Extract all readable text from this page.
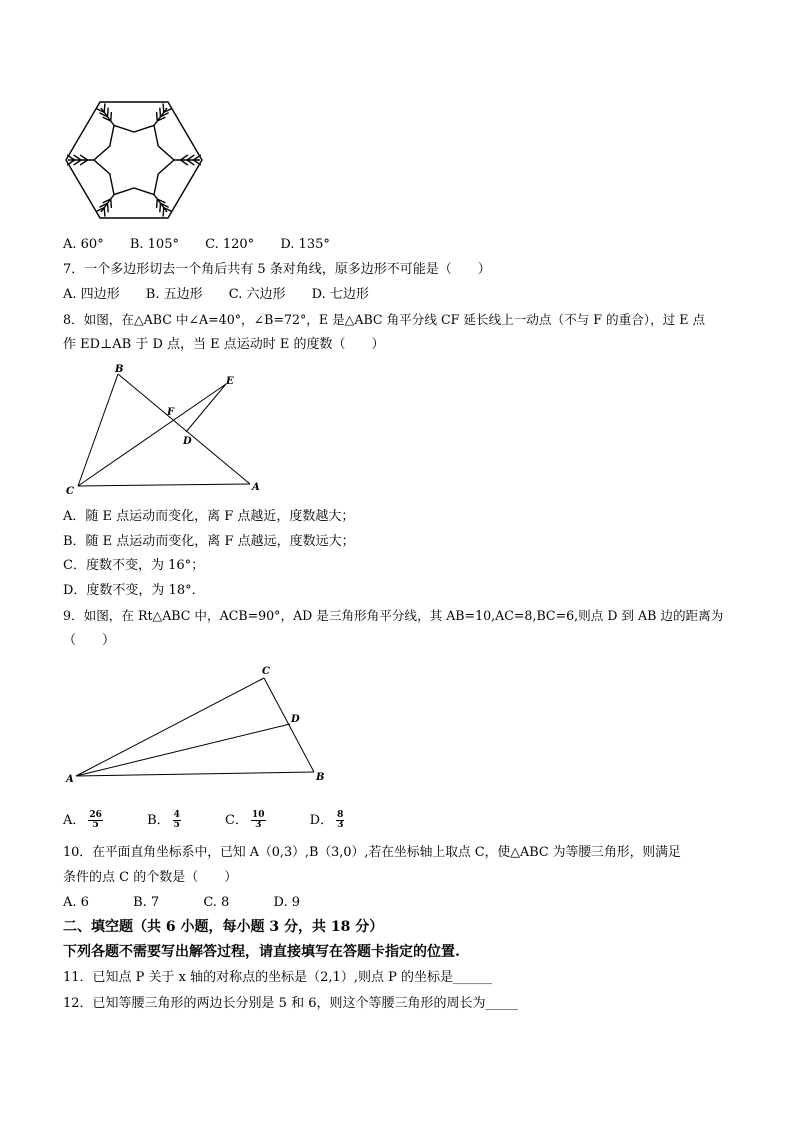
A. 60° B. 105° C. 120° D. 135°
7．一个多边形切去一个角后共有 5 条对角线，原多边形不可能是（　　）
A. 四边形 B. 五边形 C. 六边形 D. 七边形
8．如图，在△ABC 中∠A=40°，∠B=72°，E 是△ABC 角平分线 CF 延长线上一动点（不与 F 的重合），过 E 点
作 ED⊥AB 于 D 点，当 E 点运动时 E 的度数（　　）
B
E
F
D
C	A
A．随 E 点运动而变化，离 F 点越近，度数越大；
B．随 E 点运动而变化，离 F 点越远，度数远大；
C．度数不变，为 16°；
D．度数不变，为 18°．
9．如图，在 Rt△ABC 中，ACB=90°，AD 是三角形角平分线，其 AB=10,AC=8,BC=6,则点 D 到 AB 边的距离为
（　　）
C
D
A	B
A． $\frac{26}{5}$	B． $\frac{4}{5}$	C． $\frac{10}{3}$	D． $\frac{8}{3}$
10．在平面直角坐标系中，已知 A（0,3）,B（3,0）,若在坐标轴上取点 C，使△ABC 为等腰三角形，则满足
条件的点 C 的个数是（　　）
A. 6	B. 7	C. 8	D. 9
二、填空题（共 6 小题，每小题 3 分，共 18 分）
下列各题不需要写出解答过程，请直接填写在答题卡指定的位置.
11．已知点 P 关于 x 轴的对称点的坐标是（2,1）,则点 P 的坐标是______
12．已知等腰三角形的两边长分别是 5 和 6，则这个等腰三角形的周长为_____
